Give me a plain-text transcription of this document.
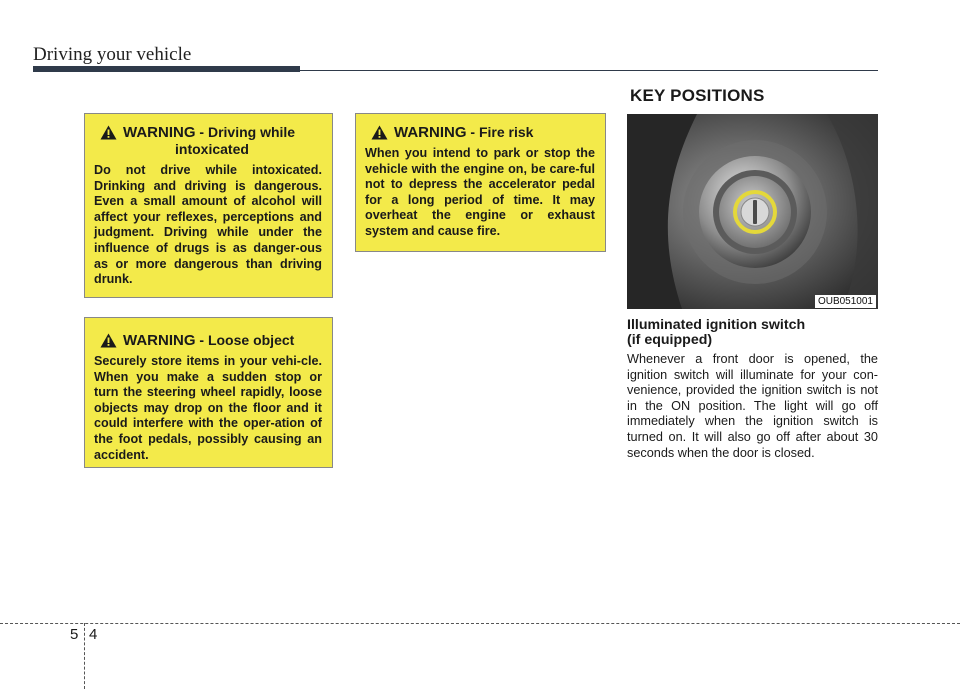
Driving your vehicle
WARNING - Driving while
intoxicated

Do not drive while intoxicated. Drinking and driving is dangerous. Even a small amount of alcohol will affect your reflexes, perceptions and judgment. Driving while under the influence of drugs is as danger-ous as or more dangerous than driving drunk.

WARNING - Loose object

Securely store items in your vehi-cle. When you make a sudden stop or turn the steering wheel rapidly, loose objects may drop on the floor and it could interfere with the oper-ation of the foot pedals, possibly causing an accident.

WARNING - Fire risk

When you intend to park or stop the vehicle with the engine on, be care-ful not to depress the accelerator pedal for a long period of time. It may overheat the engine or exhaust system and cause fire.

KEY POSITIONS
OUB051001
Illuminated ignition switch
(if equipped)

Whenever a front door is opened, the ignition switch will illuminate for your con-venience, provided the ignition switch is not in the ON position. The light will go off immediately when the ignition switch is turned on. It will also go off after about 30 seconds when the door is closed.

5 4
